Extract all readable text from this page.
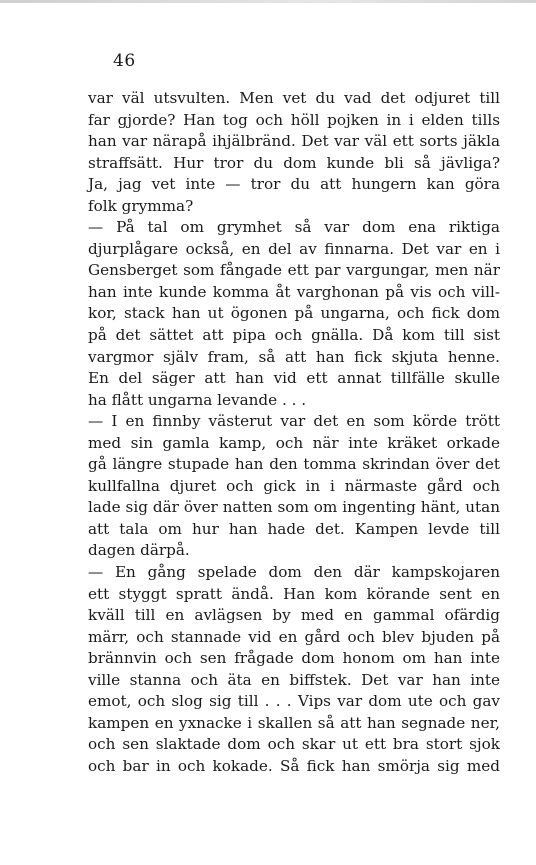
46
var väl utsvulten. Men vet du vad det odjuret till
far gjorde? Han tog och höll pojken in i elden tills
han var närapå ihjälbränd. Det var väl ett sorts jäkla
straffsätt. Hur tror du dom kunde bli så jävliga?
Ja, jag vet inte — tror du att hungern kan göra
folk grymma?
— På tal om grymhet så var dom ena riktiga
djurplågare också, en del av finnarna. Det var en i
Gensberget som fångade ett par vargungar, men när
han inte kunde komma åt varghonan på vis och vill-
kor, stack han ut ögonen på ungarna, och fick dom
på det sättet att pipa och gnälla. Då kom till sist
vargmor själv fram, så att han fick skjuta henne.
En del säger att han vid ett annat tillfälle skulle
ha flått ungarna levande . . .
— I en finnby västerut var det en som körde trött
med sin gamla kamp, och när inte kräket orkade
gå längre stupade han den tomma skrindan över det
kullfallna djuret och gick in i närmaste gård och
lade sig där över natten som om ingenting hänt, utan
att tala om hur han hade det. Kampen levde till
dagen därpå.
— En gång spelade dom den där kampskojaren
ett styggt spratt ändå. Han kom körande sent en
kväll till en avlägsen by med en gammal ofärdig
märr, och stannade vid en gård och blev bjuden på
brännvin och sen frågade dom honom om han inte
ville stanna och äta en biffstek. Det var han inte
emot, och slog sig till . . . Vips var dom ute och gav
kampen en yxnacke i skallen så att han segnade ner,
och sen slaktade dom och skar ut ett bra stort sjok
och bar in och kokade. Så fick han smörja sig med
